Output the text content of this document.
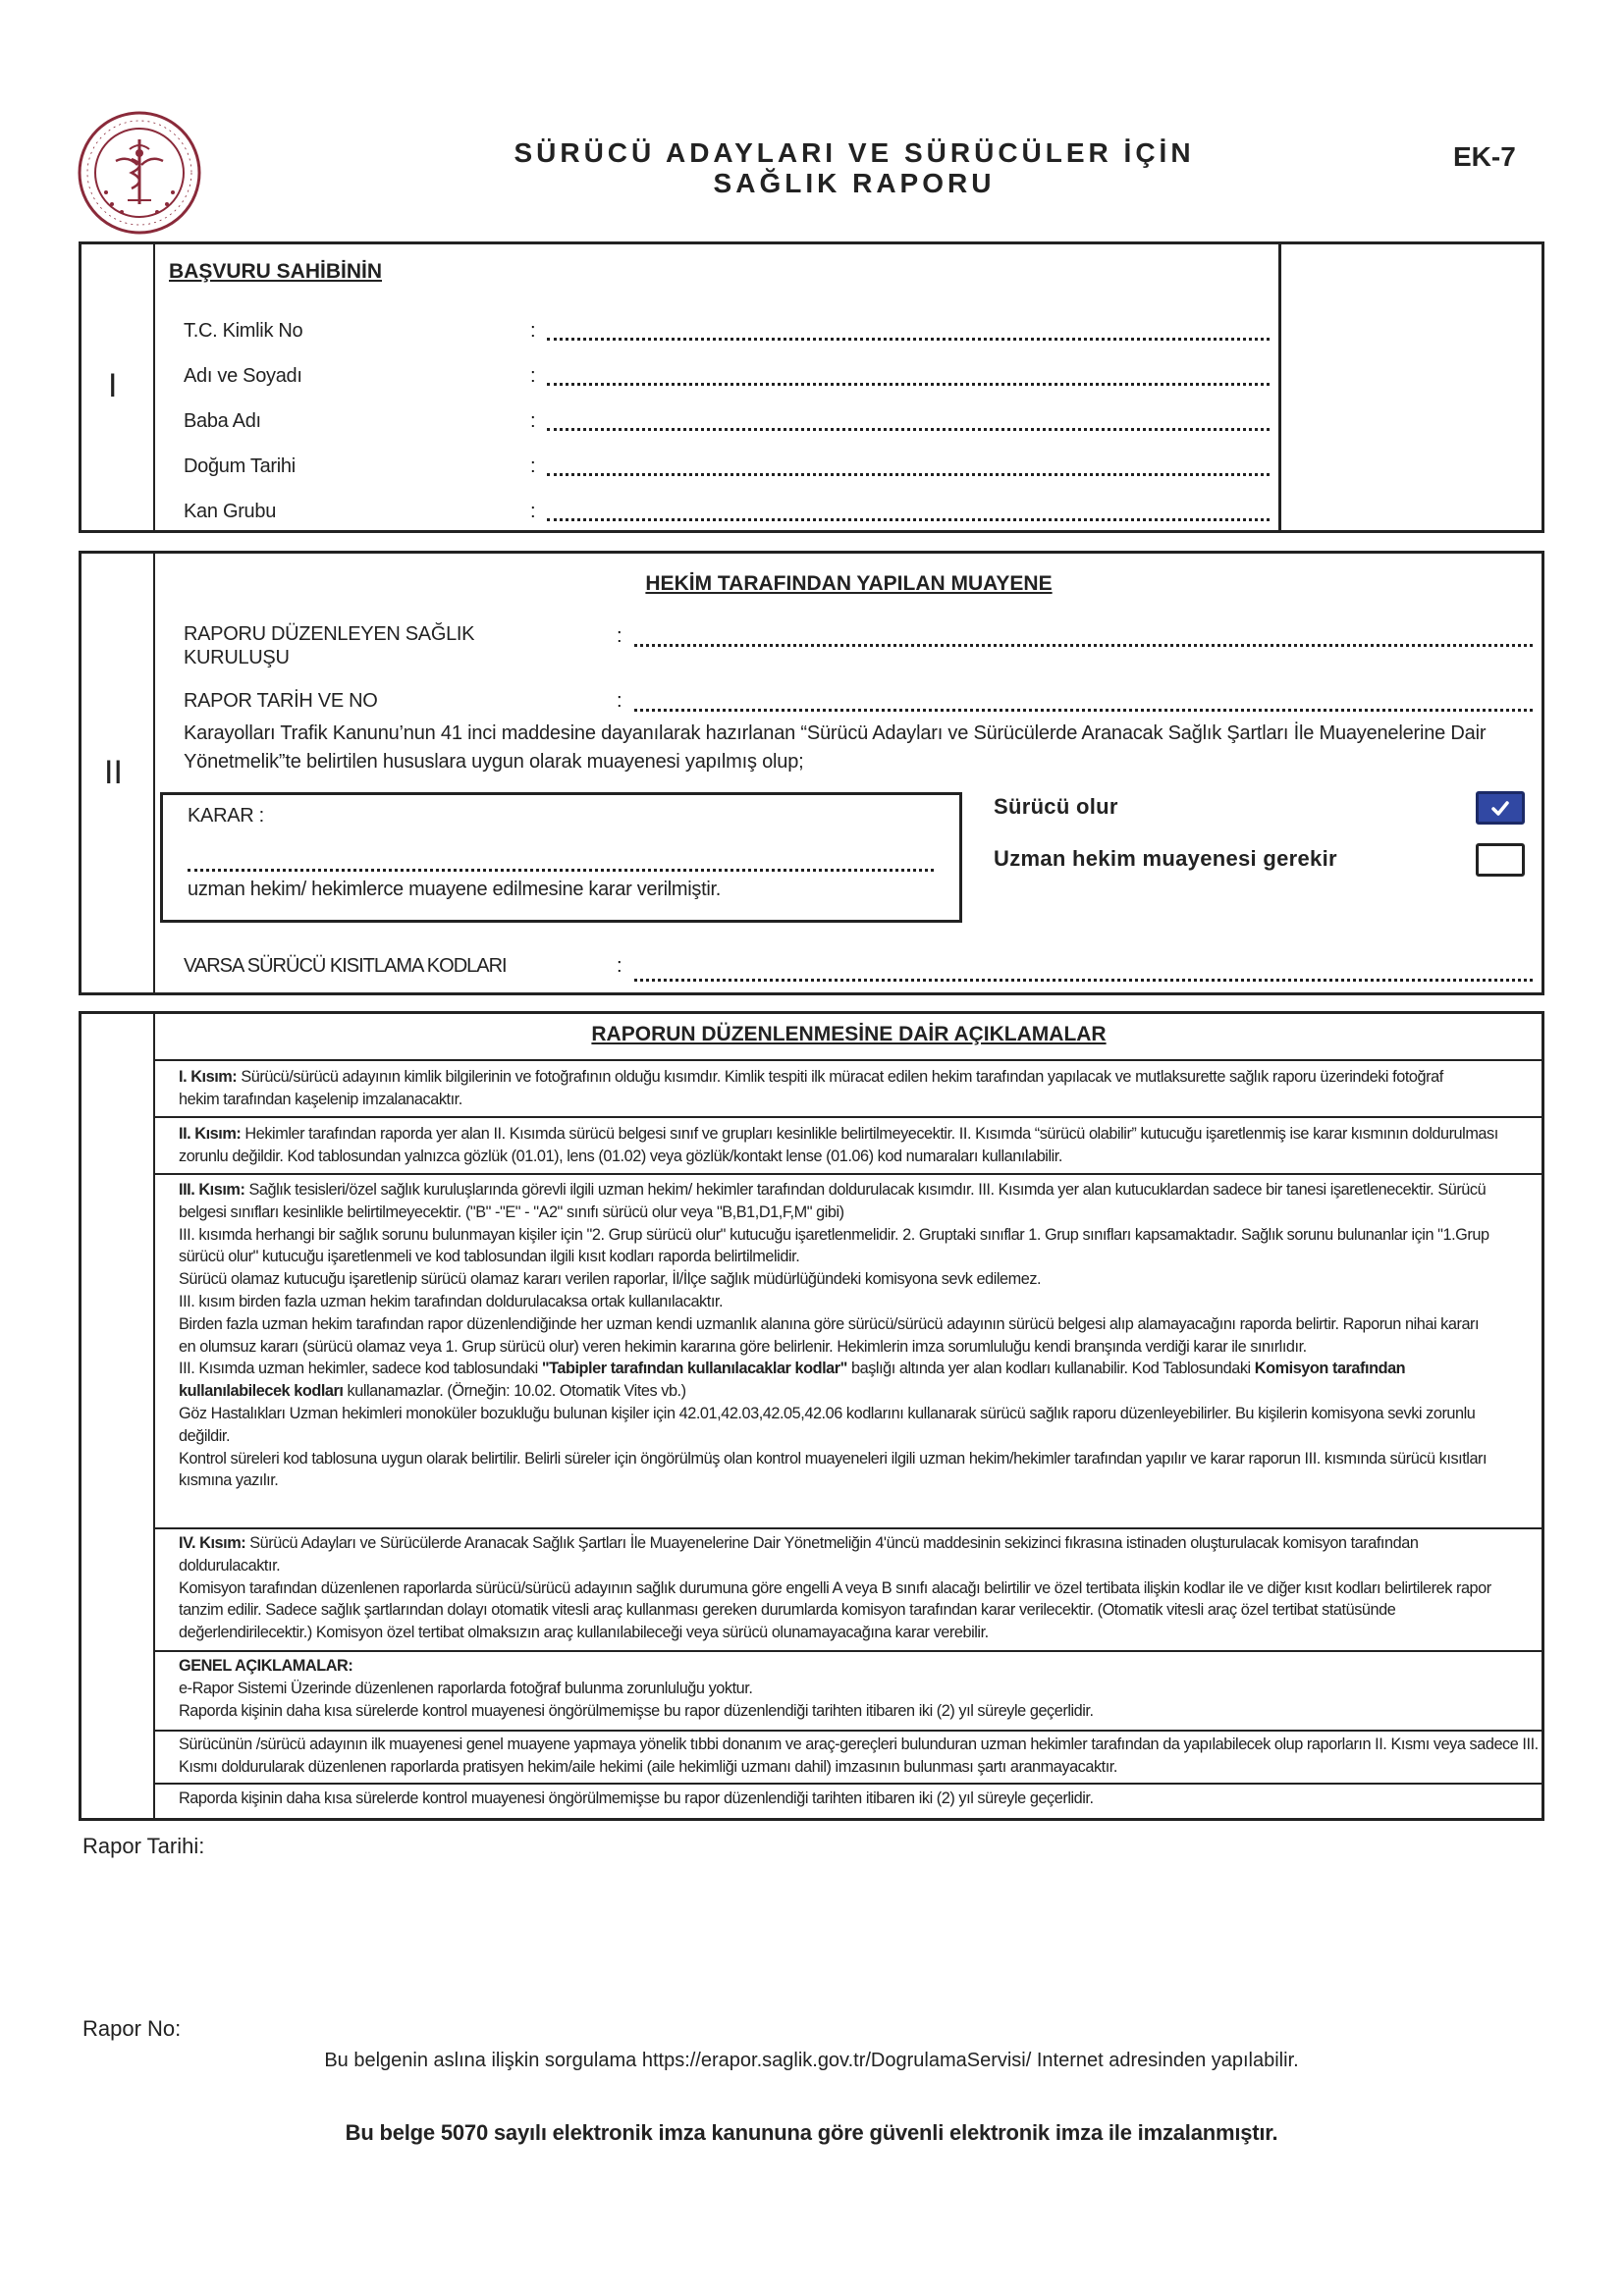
SÜRÜCÜ ADAYLARI VE SÜRÜCÜLER İÇİN
SAĞLIK RAPORU
EK-7
I
BAŞVURU SAHİBİNİN
T.C. Kimlik No	:
Adı ve Soyadı	:
Baba Adı	:
Doğum Tarihi	:
Kan Grubu	:
II
HEKİM TARAFINDAN YAPILAN MUAYENE
RAPORU DÜZENLEYEN SAĞLIK
KURULUŞU
:
RAPOR TARİH VE NO	:
Karayolları Trafik Kanunu’nun 41 inci maddesine dayanılarak hazırlanan “Sürücü Adayları ve Sürücülerde Aranacak Sağlık Şartları İle Muayenelerine Dair Yönetmelik”te belirtilen hususlara uygun olarak muayenesi yapılmış olup;
KARAR :
uzman hekim/ hekimlerce muayene edilmesine karar verilmiştir.
Sürücü olur
Uzman hekim muayenesi gerekir
VARSA SÜRÜCÜ KISITLAMA KODLARI	:
RAPORUN DÜZENLENMESİNE DAİR AÇIKLAMALAR
I. Kısım: Sürücü/sürücü adayının kimlik bilgilerinin ve fotoğrafının olduğu kısımdır. Kimlik tespiti ilk müracat edilen hekim tarafından yapılacak ve mutlaksurette sağlık raporu üzerindeki fotoğraf hekim tarafından kaşelenip imzalanacaktır.
II. Kısım: Hekimler tarafından raporda yer alan II. Kısımda sürücü belgesi sınıf ve grupları kesinlikle belirtilmeyecektir. II. Kısımda “sürücü olabilir” kutucuğu işaretlenmiş ise karar kısmının doldurulması zorunlu değildir. Kod tablosundan yalnızca gözlük (01.01), lens (01.02) veya gözlük/kontakt lense (01.06) kod numaraları kullanılabilir.
III. Kısım: Sağlık tesisleri/özel sağlık kuruluşlarında görevli ilgili uzman hekim/ hekimler tarafından doldurulacak kısımdır. III. Kısımda yer alan kutucuklardan sadece bir tanesi işaretlenecektir. Sürücü belgesi sınıfları kesinlikle belirtilmeyecektir. ("B" -"E" - "A2" sınıfı sürücü olur veya "B,B1,D1,F,M" gibi)
III. kısımda herhangi bir sağlık sorunu bulunmayan kişiler için "2. Grup sürücü olur" kutucuğu işaretlenmelidir. 2. Gruptaki sınıflar 1. Grup sınıfları kapsamaktadır. Sağlık sorunu bulunanlar için "1.Grup sürücü olur" kutucuğu işaretlenmeli ve kod tablosundan ilgili kısıt kodları raporda belirtilmelidir.
Sürücü olamaz kutucuğu işaretlenip sürücü olamaz kararı verilen raporlar, İl/İlçe sağlık müdürlüğündeki komisyona sevk edilemez.
III. kısım birden fazla uzman hekim tarafından doldurulacaksa ortak kullanılacaktır.
Birden fazla uzman hekim tarafından rapor düzenlendiğinde her uzman kendi uzmanlık alanına göre sürücü/sürücü adayının sürücü belgesi alıp alamayacağını raporda belirtir. Raporun nihai kararı en olumsuz kararı (sürücü olamaz veya 1. Grup sürücü olur) veren hekimin kararına göre belirlenir. Hekimlerin imza sorumluluğu kendi branşında verdiği karar ile sınırlıdır.
III. Kısımda uzman hekimler, sadece kod tablosundaki "Tabipler tarafından kullanılacaklar kodlar" başlığı altında yer alan kodları kullanabilir. Kod Tablosundaki Komisyon tarafından kullanılabilecek kodları kullanamazlar. (Örneğin: 10.02. Otomatik Vites vb.)
Göz Hastalıkları Uzman hekimleri monoküler bozukluğu bulunan kişiler için 42.01,42.03,42.05,42.06 kodlarını kullanarak sürücü sağlık raporu düzenleyebilirler. Bu kişilerin komisyona sevki zorunlu değildir.
Kontrol süreleri kod tablosuna uygun olarak belirtilir. Belirli süreler için öngörülmüş olan kontrol muayeneleri ilgili uzman hekim/hekimler tarafından yapılır ve karar raporun III. kısmında sürücü kısıtları kısmına yazılır.
IV. Kısım: Sürücü Adayları ve Sürücülerde Aranacak Sağlık Şartları İle Muayenelerine Dair Yönetmeliğin 4'üncü maddesinin sekizinci fıkrasına istinaden oluşturulacak komisyon tarafından doldurulacaktır.
Komisyon tarafından düzenlenen raporlarda sürücü/sürücü adayının sağlık durumuna göre engelli A veya B sınıfı alacağı belirtilir ve özel tertibata ilişkin kodlar ile ve diğer kısıt kodları belirtilerek rapor tanzim edilir. Sadece sağlık şartlarından dolayı otomatik vitesli araç kullanması gereken durumlarda komisyon tarafından karar verilecektir. (Otomatik vitesli araç özel tertibat statüsünde değerlendirilecektir.) Komisyon özel tertibat olmaksızın araç kullanılabileceği veya sürücü olunamayacağına karar verebilir.
GENEL AÇIKLAMALAR:
e-Rapor Sistemi Üzerinde düzenlenen raporlarda fotoğraf bulunma zorunluluğu yoktur.
Raporda kişinin daha kısa sürelerde kontrol muayenesi öngörülmemişse bu rapor düzenlendiği tarihten itibaren iki (2) yıl süreyle geçerlidir.
Sürücünün /sürücü adayının ilk muayenesi genel muayene yapmaya yönelik tıbbi donanım ve araç-gereçleri bulunduran uzman hekimler tarafından da yapılabilecek olup raporların II. Kısmı veya sadece III. Kısmı doldurularak düzenlenen raporlarda pratisyen hekim/aile hekimi (aile hekimliği uzmanı dahil) imzasının bulunması şartı aranmayacaktır.
Raporda kişinin daha kısa sürelerde kontrol muayenesi öngörülmemişse bu rapor düzenlendiği tarihten itibaren iki (2) yıl süreyle geçerlidir.
Rapor Tarihi:
Rapor No:
Bu belgenin aslına ilişkin sorgulama https://erapor.saglik.gov.tr/DogrulamaServisi/ Internet adresinden yapılabilir.
Bu belge 5070 sayılı elektronik imza kanununa göre güvenli elektronik imza ile imzalanmıştır.
